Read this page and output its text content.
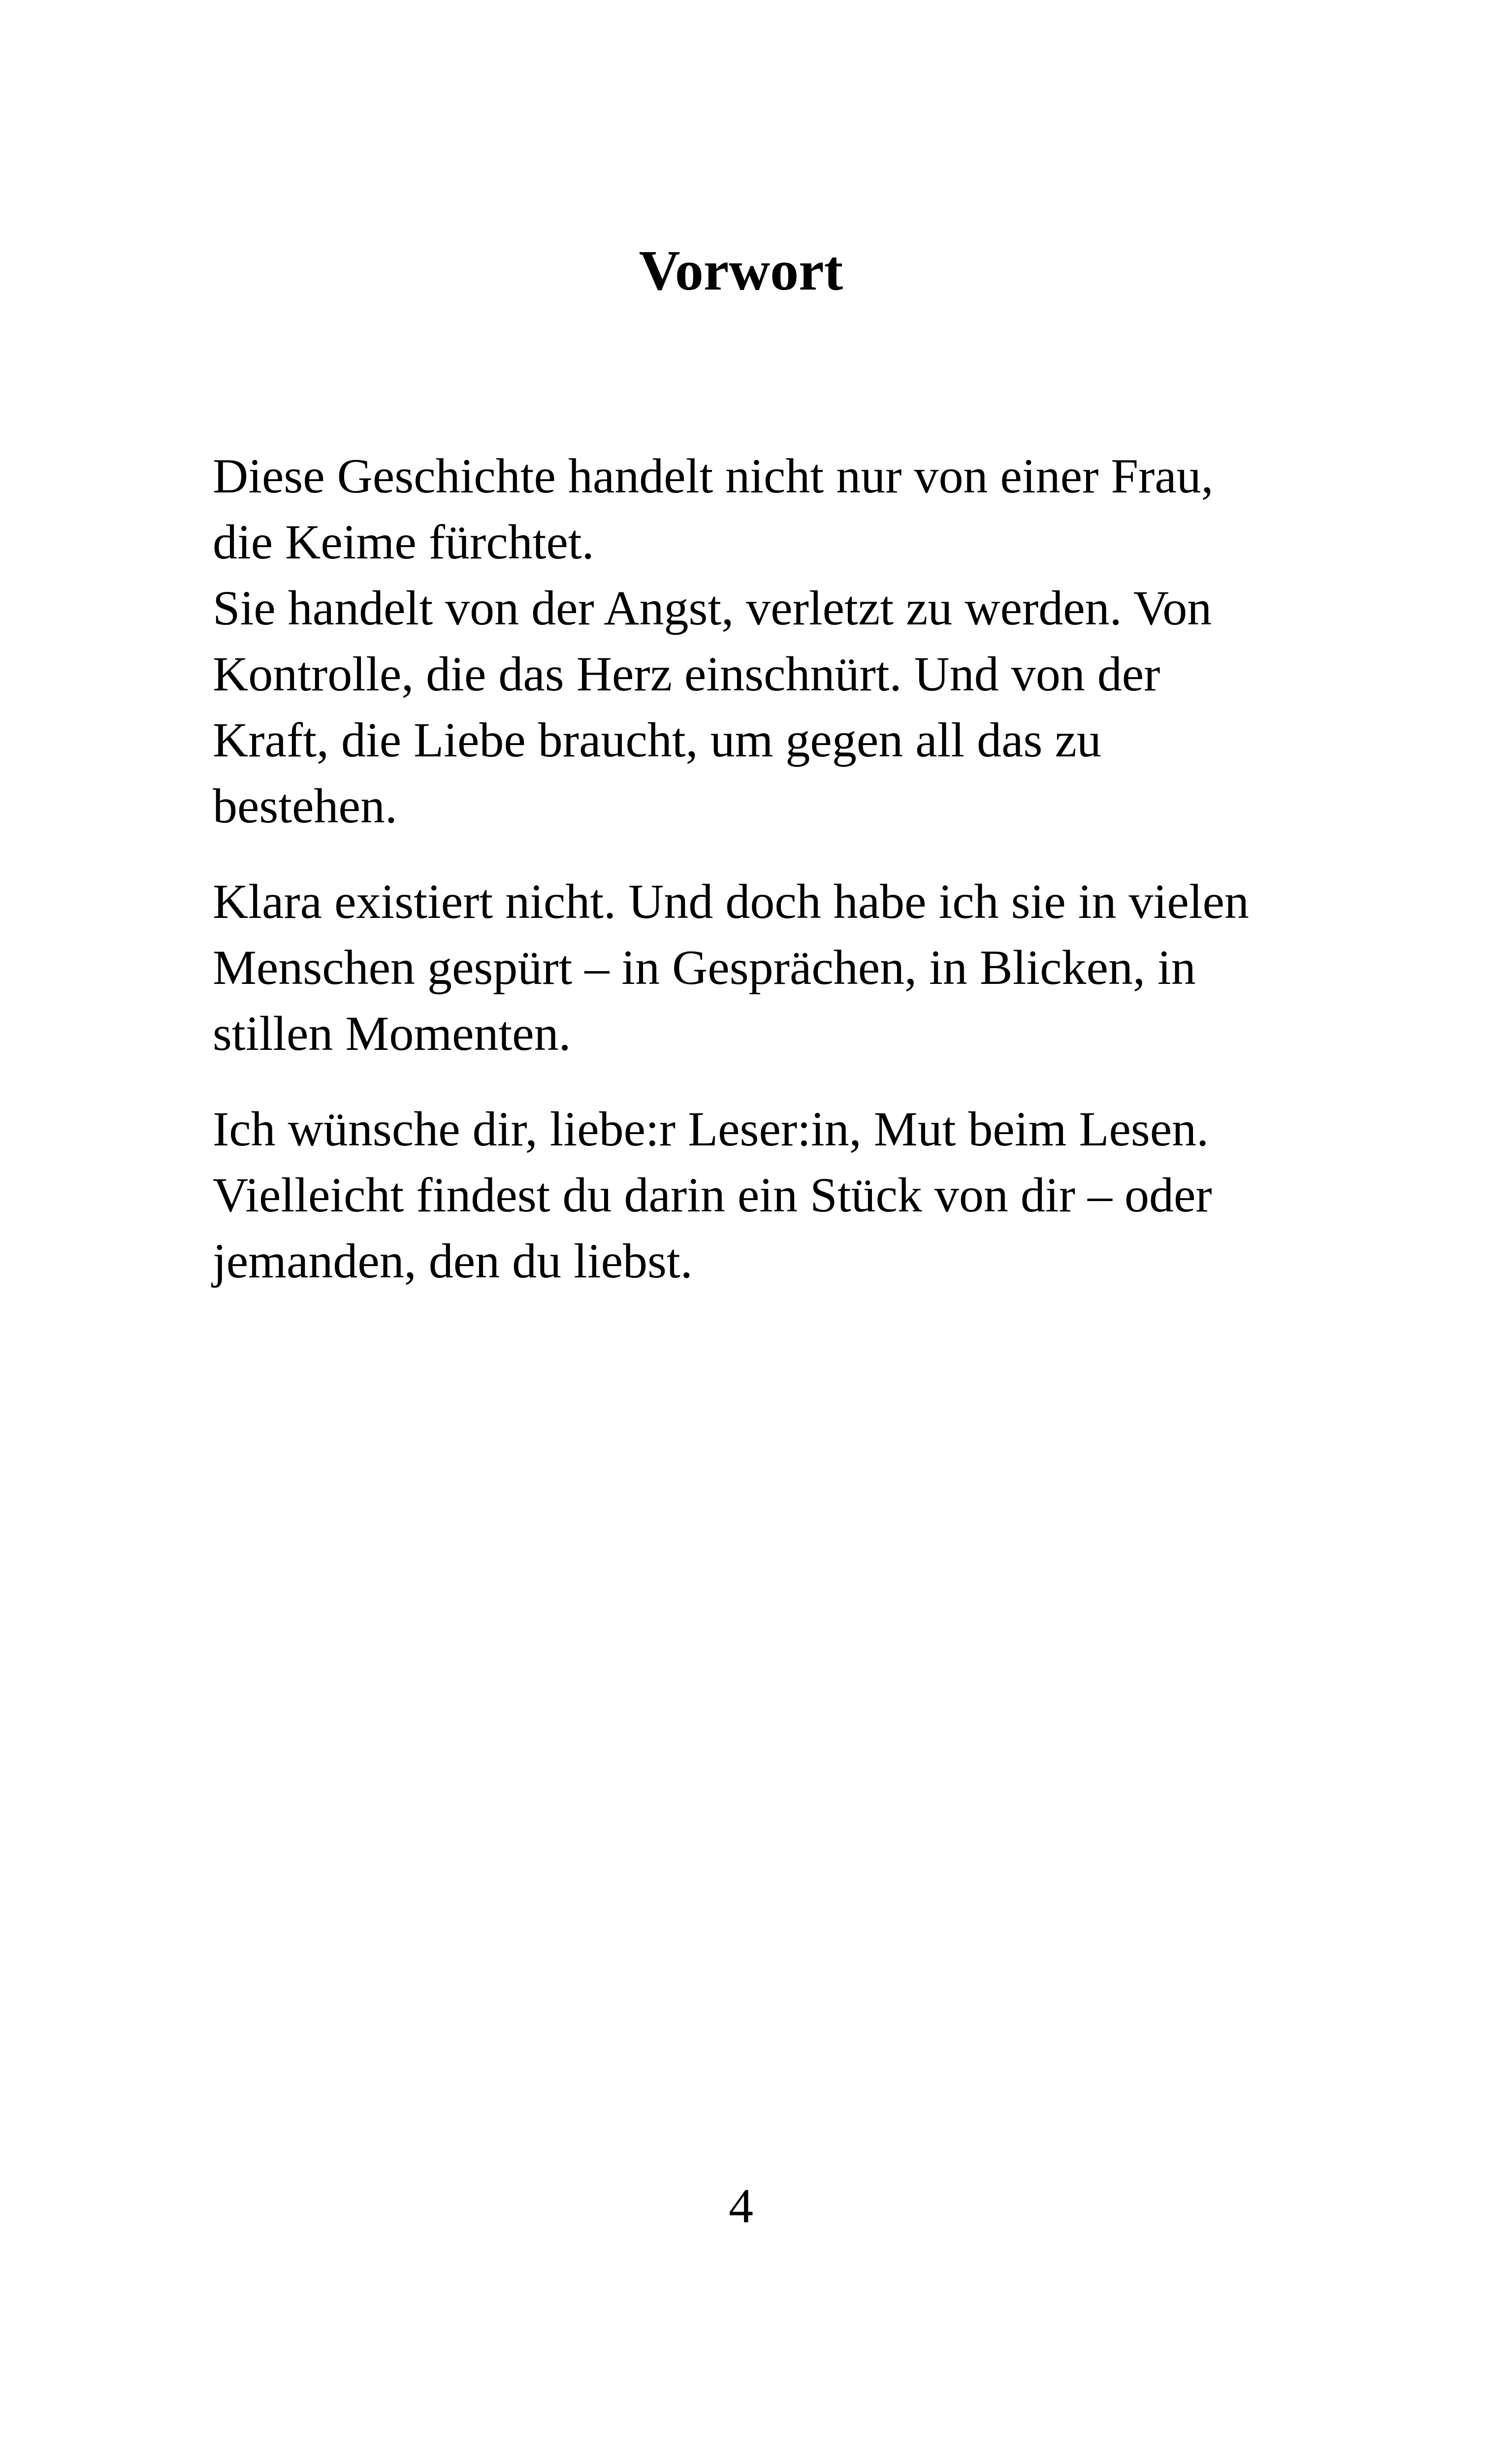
Vorwort

Diese Geschichte handelt nicht nur von einer Frau,
die Keime fürchtet.
Sie handelt von der Angst, verletzt zu werden. Von
Kontrolle, die das Herz einschnürt. Und von der
Kraft, die Liebe braucht, um gegen all das zu
bestehen.

Klara existiert nicht. Und doch habe ich sie in vielen
Menschen gespürt – in Gesprächen, in Blicken, in
stillen Momenten.

Ich wünsche dir, liebe:r Leser:in, Mut beim Lesen.
Vielleicht findest du darin ein Stück von dir – oder
jemanden, den du liebst.

4
